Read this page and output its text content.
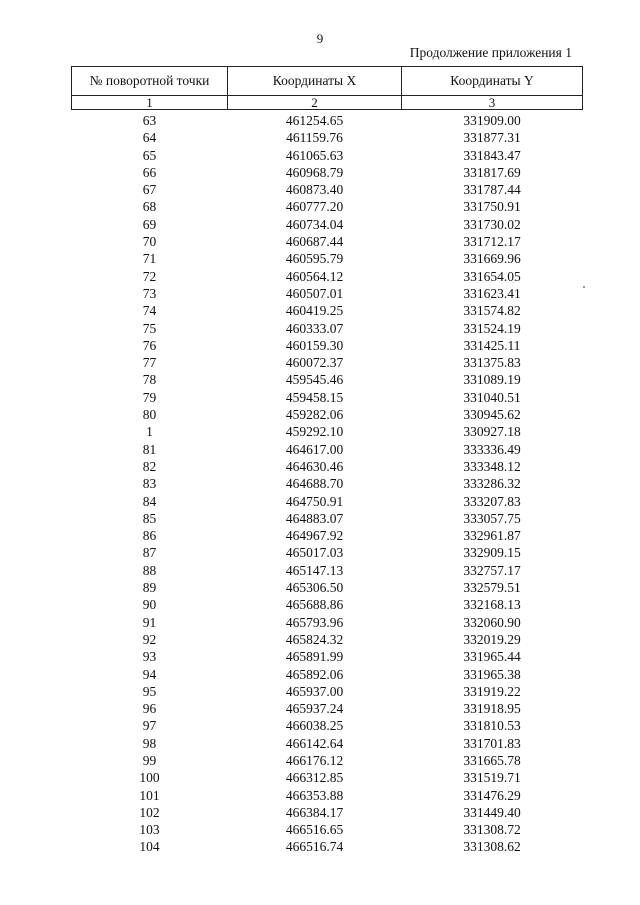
9
Продолжение приложения 1
№ поворотной точки	Координаты X	Координаты Y
1	2	3
63	461254.65	331909.00
64	461159.76	331877.31
65	461065.63	331843.47
66	460968.79	331817.69
67	460873.40	331787.44
68	460777.20	331750.91
69	460734.04	331730.02
70	460687.44	331712.17
71	460595.79	331669.96
72	460564.12	331654.05
73	460507.01	331623.41
74	460419.25	331574.82
75	460333.07	331524.19
76	460159.30	331425.11
77	460072.37	331375.83
78	459545.46	331089.19
79	459458.15	331040.51
80	459282.06	330945.62
1	459292.10	330927.18
81	464617.00	333336.49
82	464630.46	333348.12
83	464688.70	333286.32
84	464750.91	333207.83
85	464883.07	333057.75
86	464967.92	332961.87
87	465017.03	332909.15
88	465147.13	332757.17
89	465306.50	332579.51
90	465688.86	332168.13
91	465793.96	332060.90
92	465824.32	332019.29
93	465891.99	331965.44
94	465892.06	331965.38
95	465937.00	331919.22
96	465937.24	331918.95
97	466038.25	331810.53
98	466142.64	331701.83
99	466176.12	331665.78
100	466312.85	331519.71
101	466353.88	331476.29
102	466384.17	331449.40
103	466516.65	331308.72
104	466516.74	331308.62
